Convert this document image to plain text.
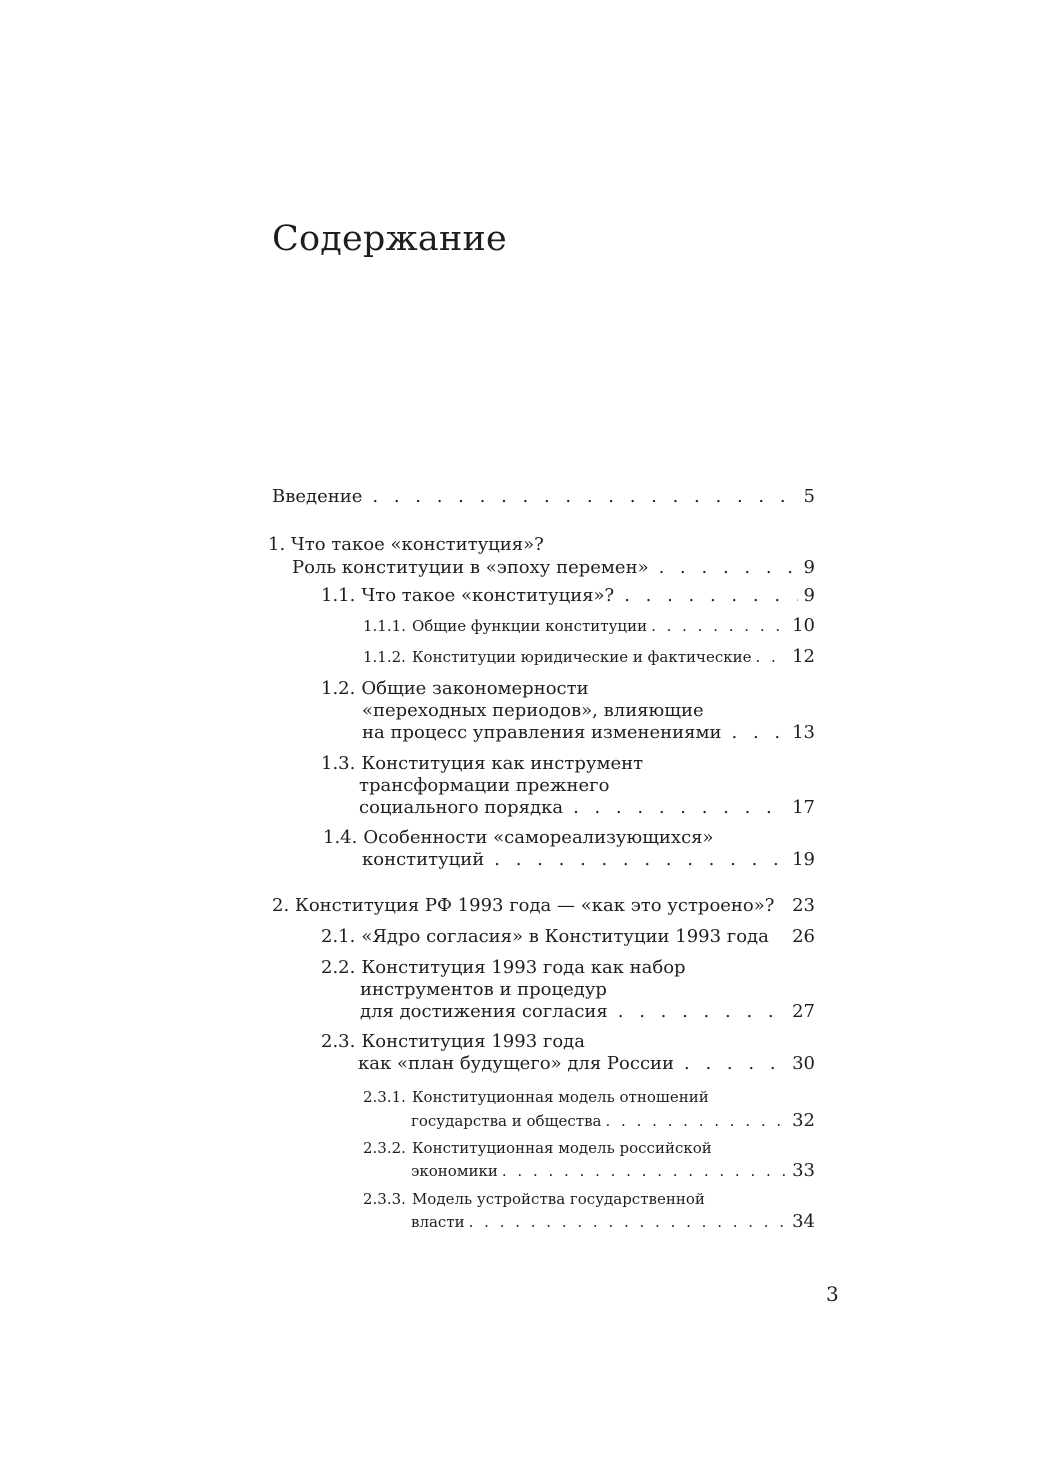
Содержание
Введение . . .	5
1. Что такое «конституция»?
Роль конституции в «эпоху перемен» . . .	9
1.1. Что такое «конституция»? . . .	9
1.1.1. Общие функции конституции . . .	10
1.1.2. Конституции юридические и фактические . . .	12
1.2. Общие закономерности
«переходных периодов», влияющие
на процесс управления изменениями . . .	13
1.3. Конституция как инструмент
трансформации прежнего
социального порядка . . .	17
1.4. Особенности «самореализующихся»
конституций . . .	19
2. Конституция РФ 1993 года — «как это устроено»? 23
2.1. «Ядро согласия» в Конституции 1993 года	26
2.2. Конституция 1993 года как набор
инструментов и процедур
для достижения согласия . . .	27
2.3. Конституция 1993 года
как «план будущего» для России . . .	30
2.3.1. Конституционная модель отношений
государства и общества . . .	32
2.3.2. Конституционная модель российской
экономики . . .	33
2.3.3. Модель устройства государственной
власти . . .	34
3
